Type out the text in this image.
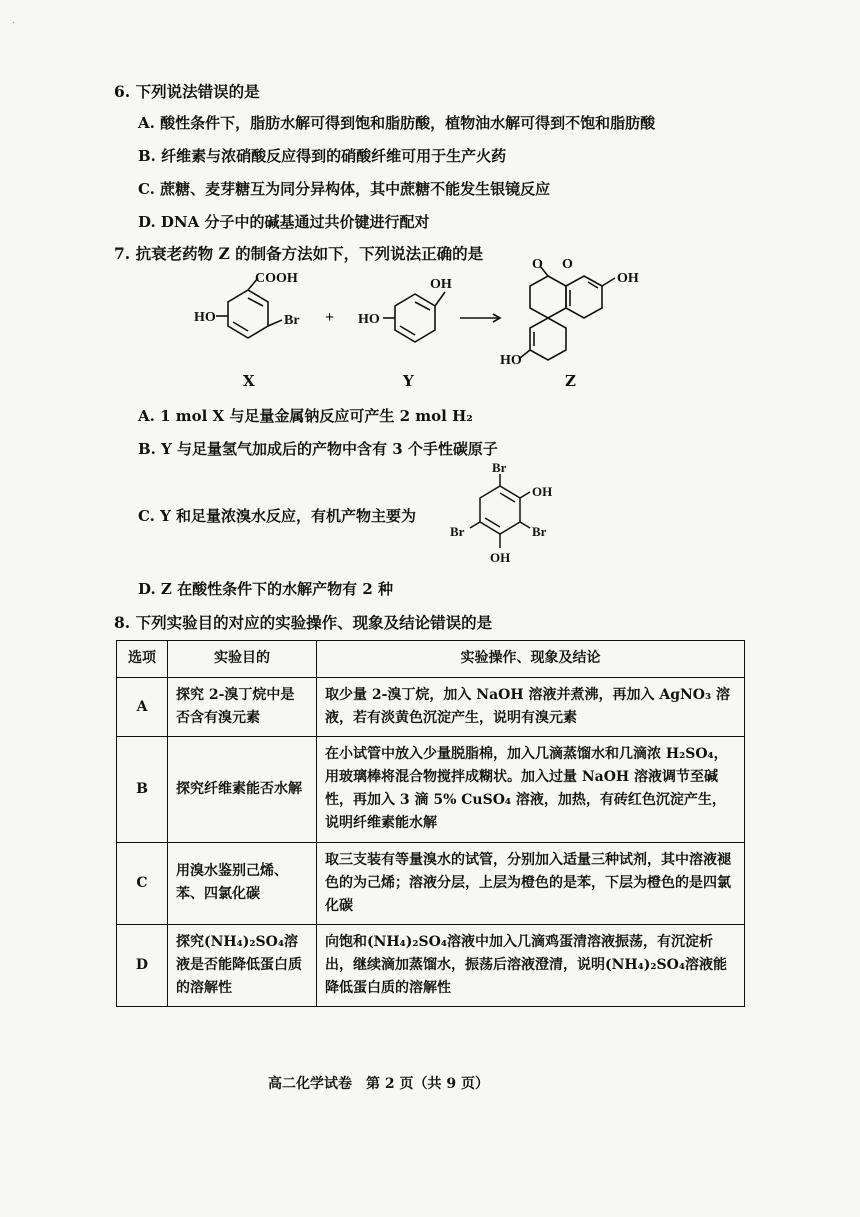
·
6. 下列说法错误的是
A. 酸性条件下，脂肪水解可得到饱和脂肪酸，植物油水解可得到不饱和脂肪酸
B. 纤维素与浓硝酸反应得到的硝酸纤维可用于生产火药
C. 蔗糖、麦芽糖互为同分异构体，其中蔗糖不能发生银镜反应
D. DNA 分子中的碱基通过共价键进行配对
7. 抗衰老药物 Z 的制备方法如下，下列说法正确的是
COOH
HO	Br +
OH
HO
O O
OH
HO
X	Y	Z
A. 1 mol X 与足量金属钠反应可产生 2 mol H₂
B. Y 与足量氢气加成后的产物中含有 3 个手性碳原子
C. Y 和足量浓溴水反应，有机产物主要为
Br
OH
Br	Br
OH
D. Z 在酸性条件下的水解产物有 2 种
8. 下列实验目的对应的实验操作、现象及结论错误的是
选项	实验目的	实验操作、现象及结论
A	探究 2-溴丁烷中是否含有溴元素	取少量 2-溴丁烷，加入 NaOH 溶液并煮沸，再加入 AgNO₃ 溶液，若有淡黄色沉淀产生，说明有溴元素
B	探究纤维素能否水解	在小试管中放入少量脱脂棉，加入几滴蒸馏水和几滴浓 H₂SO₄，用玻璃棒将混合物搅拌成糊状。加入过量 NaOH 溶液调节至碱性，再加入 3 滴 5% CuSO₄ 溶液，加热，有砖红色沉淀产生，说明纤维素能水解
C	用溴水鉴别己烯、苯、四氯化碳	取三支装有等量溴水的试管，分别加入适量三种试剂，其中溶液褪色的为己烯；溶液分层，上层为橙色的是苯，下层为橙色的是四氯化碳
D	探究(NH₄)₂SO₄溶液是否能降低蛋白质的溶解性	向饱和(NH₄)₂SO₄溶液中加入几滴鸡蛋清溶液振荡，有沉淀析出，继续滴加蒸馏水，振荡后溶液澄清，说明(NH₄)₂SO₄溶液能降低蛋白质的溶解性
高二化学试卷　第 2 页（共 9 页）
